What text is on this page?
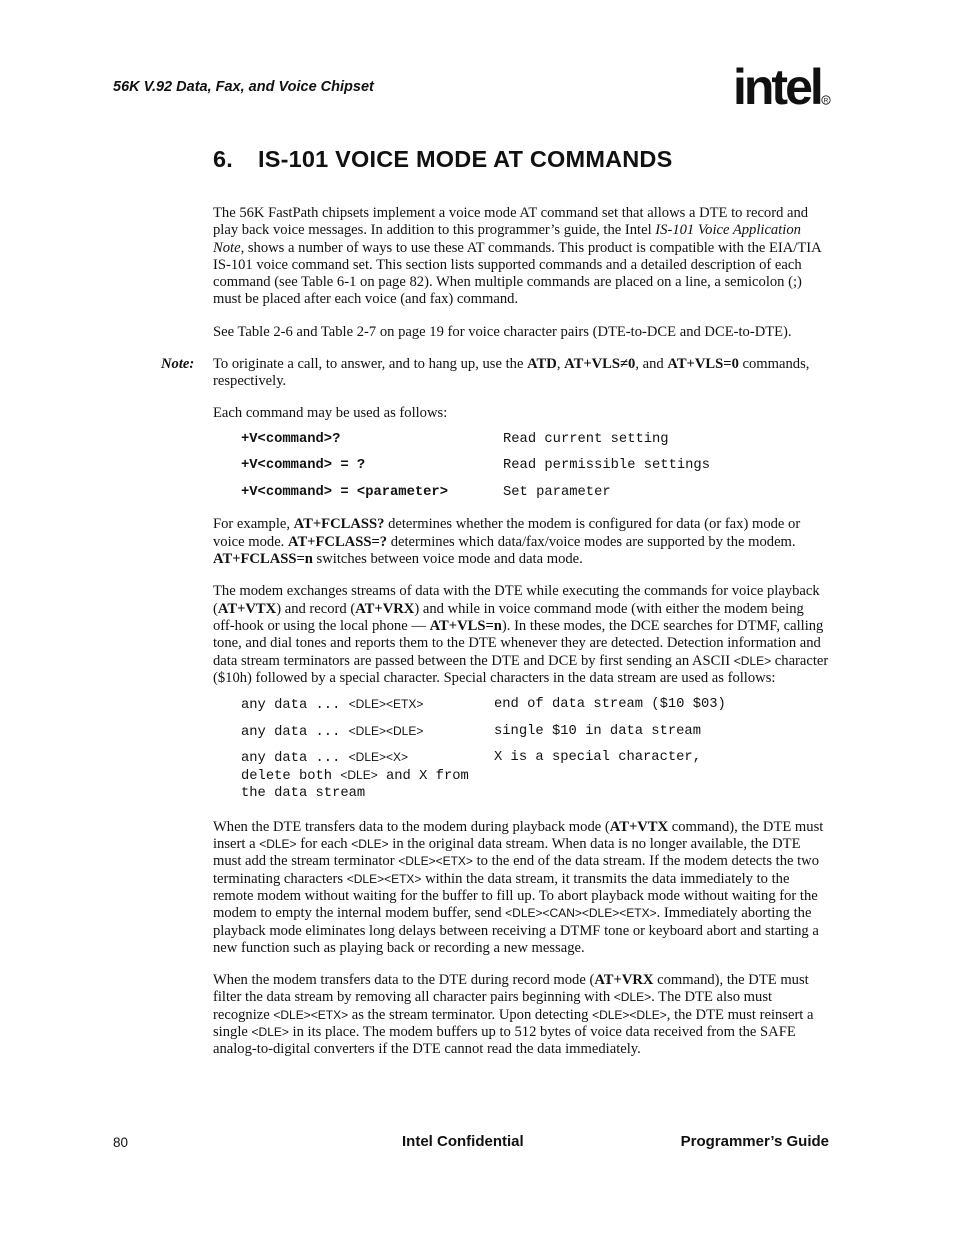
56K V.92 Data, Fax, and Voice Chipset	intel R
6. IS-101 VOICE MODE AT COMMANDS

The 56K FastPath chipsets implement a voice mode AT command set that allows a DTE to record and play back voice messages. In addition to this programmer’s guide, the Intel IS-101 Voice Application Note, shows a number of ways to use these AT commands. This product is compatible with the EIA/TIA IS-101 voice command set. This section lists supported commands and a detailed description of each command (see Table 6-1 on page 82). When multiple commands are placed on a line, a semicolon (;) must be placed after each voice (and fax) command.

See Table 2-6 and Table 2-7 on page 19 for voice character pairs (DTE-to-DCE and DCE-to-DTE).

Note: To originate a call, to answer, and to hang up, use the ATD, AT+VLS≠0, and AT+VLS=0 commands, respectively.

Each command may be used as follows:

+V<command>?	Read current setting
+V<command> = ?	Read permissible settings
+V<command> = <parameter>	Set parameter

For example, AT+FCLASS? determines whether the modem is configured for data (or fax) mode or voice mode. AT+FCLASS=? determines which data/fax/voice modes are supported by the modem. AT+FCLASS=n switches between voice mode and data mode.

The modem exchanges streams of data with the DTE while executing the commands for voice playback (AT+VTX) and record (AT+VRX) and while in voice command mode (with either the modem being off-hook or using the local phone — AT+VLS=n). In these modes, the DCE searches for DTMF, calling tone, and dial tones and reports them to the DTE whenever they are detected. Detection information and data stream terminators are passed between the DTE and DCE by first sending an ASCII <DLE> character ($10h) followed by a special character. Special characters in the data stream are used as follows:

any data ... <DLE><ETX>	end of data stream ($10 $03)
any data ... <DLE><DLE>	single $10 in data stream
any data ... <DLE><X>	X is a special character,
delete both <DLE> and X from
the data stream

When the DTE transfers data to the modem during playback mode (AT+VTX command), the DTE must insert a <DLE> for each <DLE> in the original data stream. When data is no longer available, the DTE must add the stream terminator <DLE><ETX> to the end of the data stream. If the modem detects the two terminating characters <DLE><ETX> within the data stream, it transmits the data immediately to the remote modem without waiting for the buffer to fill up. To abort playback mode without waiting for the modem to empty the internal modem buffer, send <DLE><CAN><DLE><ETX>. Immediately aborting the playback mode eliminates long delays between receiving a DTMF tone or keyboard abort and starting a new function such as playing back or recording a new message.

When the modem transfers data to the DTE during record mode (AT+VRX command), the DTE must filter the data stream by removing all character pairs beginning with <DLE>. The DTE also must recognize <DLE><ETX> as the stream terminator. Upon detecting <DLE><DLE>, the DTE must reinsert a single <DLE> in its place. The modem buffers up to 512 bytes of voice data received from the SAFE analog-to-digital converters if the DTE cannot read the data immediately.

80	Intel Confidential	Programmer’s Guide
